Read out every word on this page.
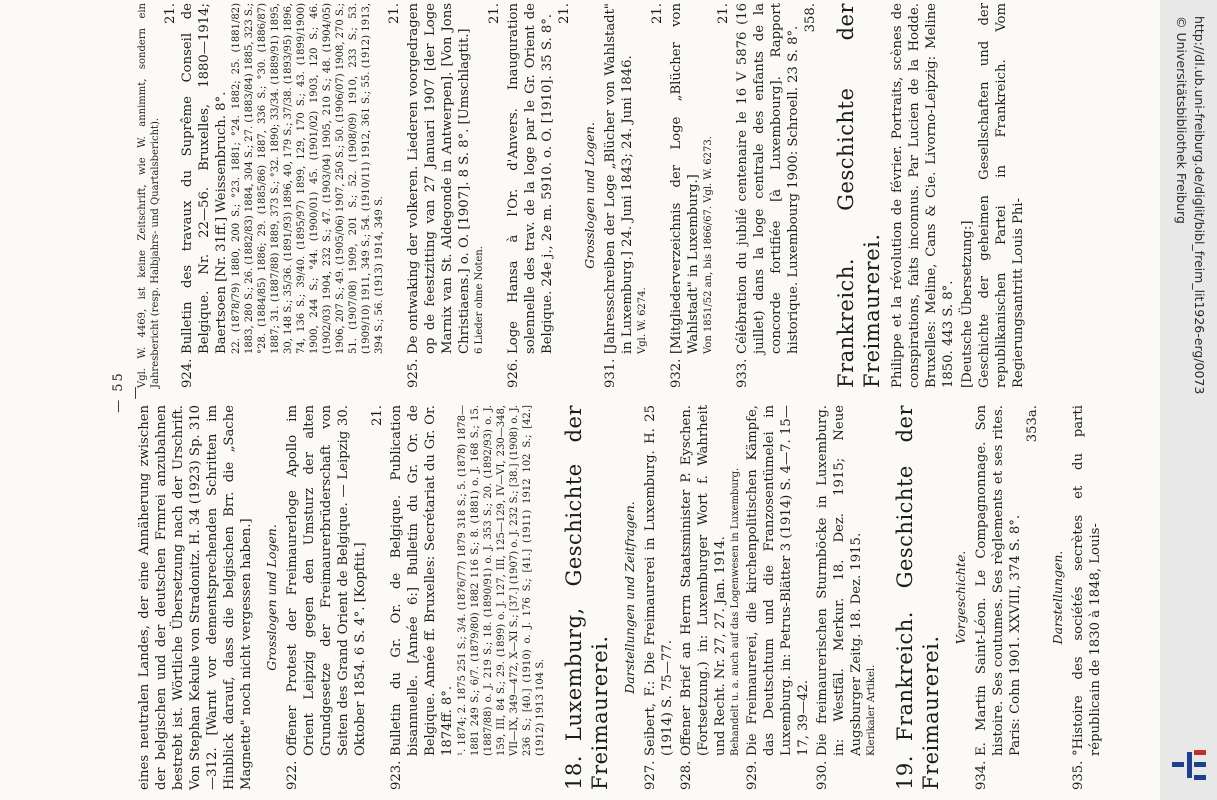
— 55 —

eines neutralen Landes, der eine Annäherung zwischen der belgischen und der deutschen Frmrei anzubahnen bestrebt ist. Wörtliche Übersetzung nach der Urschrift. Von Stephan Kekule von Stradonitz. H. 34 (1923) Sp. 310—312. [Warnt vor dementsprechenden Schritten im Hinblick darauf, dass die belgischen Brr. die „Sache Magnette" noch nicht vergessen haben.] Grosslogen und Logen.
922.
Offener Protest der Freimaurerloge Apollo im Orient Leipzig gegen den Umsturz der alten Grundgesetze der Freimaurerbrüderschaft von Seiten des Grand Orient de Belgique. — Leipzig 30. Oktober 1854. 6 S. 4°. [Kopftit.]
21.
923.
Bulletin du Gr. Or. de Belgique. Publication bisannuelle. [Année 6:] Bulletin du Gr. Or. de Belgique. Année ff. Bruxelles: Secrétariat du Gr. Or. 1874ff. 8°. ¹. 1874; 2. 1875 251 S.; 3/4. (1876/77) 1879 318 S.; 5. (1878) 1878—1881 249 S.; 6/7. (1879/80) 1882 116 S.; 8. (1881) o. J. 168 S.; 15. (1887/88) o. J. 219 S.; 18. (1890/91) o. J. 353 S.; 20. (1892/93) o. J. 159, III, 84 S.; 29. (1899) o. J. 127, III, 125—129, IV—VI, 230—348, VII—IX, 349—472, X—XI S.; [37.] (1907) o. J. 232 S.; [38.] (1908) o. J. 236 S.; [40.] (1910) o. J. 176 S.; [41.] (1911) 1912 102 S.; [42.] (1912) 1913 104 S.
18.Luxemburg, Geschichte der Freimaurerei.
Darstellungen und Zeitfragen.
927.
Seibert, F.: Die Freimaurerei in Luxemburg. H. 25 (1914) S. 75—77.
928.
Offener Brief an Herrn Staatsminister P. Eyschen. (Fortsetzung.) in: Luxemburger Wort f. Wahrheit und Recht. Nr. 27, 27. Jan. 1914. Behandelt u. a. auch auf das Logenwesen in Luxemburg.
929.
Die Freimaurerei, die kirchenpolitischen Kämpfe, das Deutschtum und die Franzosentümelei in Luxemburg. in: Petrus-Blätter 3 (1914) S. 4—7. 15—17, 39—42.
930.
Die freimaurerischen Sturmböcke in Luxemburg. in: Westfäl. Merkur. 18. Dez. 1915; Neue Augsburger Zeitg. 18. Dez. 1915. Klerikaler Artikel.
19.Frankreich. Geschichte der Freimaurerei.
Vorgeschichte.
934.
E. Martin Saint-Léon. Le Compagnonnage. Son histoire. Ses coutumes. Ses règlements et ses rites. Paris: Cohn 1901. XXVIII, 374 S. 8°.
353a.
Darstellungen.
935.
°Histoire des sociétés secrètes et du parti républicain de 1830 à 1848, Louis-
Vgl. W. 4469, ist keine Zeitschrift, wie W. annimmt, sondern ein Jahresbericht (resp. Halbjahrs- und Quartalsbericht).
21.
924.
Bulletin des travaux du Suprême Conseil de Belgique. Nr. 22—56. Bruxelles, 1880—1914; Baertsoen [Nr. 31ff.] Weissenbruch. 8°. 22. (1878/79) 1880, 200 S.; °23. 1881; °24. 1882; 25. (1881/82) 1883, 280 S.; 26. (1882/83) 1884, 304 S.; 27. (1883/84) 1885, 323 S.; °28. (1884/85) 1886; 29. (1885/86) 1887, 336 S.; °30. (1886/87) 1887; 31. (1887/88) 1889, 373 S.; °32. 1890; 33/34. (1889/91) 1895, 30, 148 S.; 35/36. (1891/93) 1896, 40, 179 S.; 37/38. (1893/95) 1896, 74, 136 S.; 39/40. (1895/97) 1899, 129, 170 S.; 43. (1899/1900) 1900, 244 S.; °44. (1900/01) 45. (1901/02) 1903, 120 S.; 46. (1902/03) 1904, 232 S.; 47. (1903/04) 1905, 210 S.; 48. (1904/05) 1906, 207 S.; 49. (1905/06) 1907, 250 S.; 50. (1906/07) 1908, 270 S.; 51. (1907/08) 1909, 201 S.; 52. (1908/09) 1910, 233 S.; 53. (1909/10) 1911, 349 S.; 54. (1910/11) 1912, 361 S.; 55. (1912) 1913, 394 S.; 56. (1913) 1914, 349 S.
21.
925.
De ontwaking der volkeren. Liederen voorgedragen op de feestzitting van 27 Januari 1907 [der Loge Marnix van St. Aldegonde in Antwerpen]. [Von Jons Christiaens.] o. O. [1907]. 8 S. 8°. [Umschlagtit.] 6 Lieder ohne Noten.
21.
926.
Loge Hansa à l'Or. d'Anvers. Inauguration solennelle des trav. de la loge par le Gr. Orient de Belgique. 24e j., 2e m. 5910. o. O. [1910]. 35 S. 8°.
21.
Grosslogen und Logen.
931.
[Jahresschreiben der Loge „Blücher von Wahlstadt" in Luxemburg.] 24. Juni 1843; 24. Juni 1846. Vgl. W. 6274.
21.
932.
[Mitgliederverzeichnis der Loge „Blücher von Wahlstadt" in Luxemburg.] Von 1851/52 an, bis 1866/67. Vgl. W. 6273.
21.
933.
Célébration du jubilé centenaire le 16 V 5876 (16 juillet) dans la loge centrale des enfants de la concorde fortifiée [à Luxembourg]. Rapport historique. Luxembourg 1900: Schroell. 23 S. 8°.
358. Frankreich. Geschichte der Freimaurerei. Philippe et la révolution de février. Portraits, scènes de conspirations, faits inconnus. Par Lucien de la Hodde. Bruxelles: Meline, Cans & Cie. Livorno-Leipzig: Meline 1850. 443 S. 8°. [Deutsche Übersetzung:] Geschichte der geheimen Gesellschaften und der republikanischen Partei in Frankreich. Vom Regierungsantritt Louis Phi-	http://dl.ub.uni-freiburg.de/diglit/bibl_freim_lit1926-erg/0073
© Universitätsbibliothek Freiburg
